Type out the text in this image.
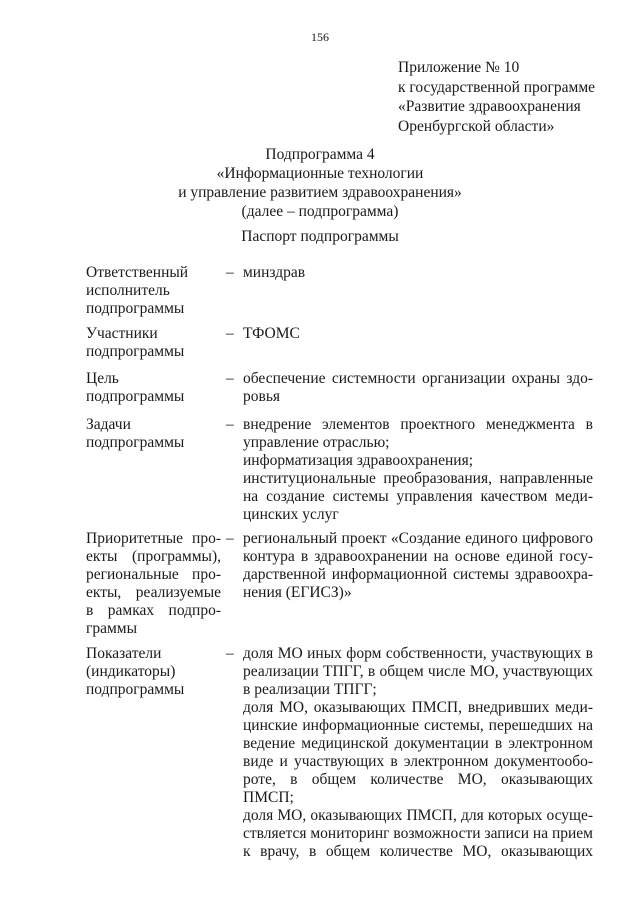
156
Приложение № 10
к государственной программе
«Развитие здравоохранения
Оренбургской области»
Подпрограмма 4
«Информационные технологии
и управление развитием здравоохранения»
(далее – подпрограмма)
Паспорт подпрограммы
Ответственный
исполнитель
подпрограммы
– минздрав
Участники
подпрограммы
– ТФОМС
Цель
подпрограммы
– обеспечение системности организации охраны здо-
ровья
Задачи
подпрограммы
– внедрение элементов проектного менеджмента в
управление отраслью;
информатизация здравоохранения;
институциональные преобразования, направленные
на создание системы управления качеством меди-
цинских услуг
Приоритетные про-
екты (программы),
региональные про-
екты, реализуемые
в рамках подпро-
граммы
– региональный проект «Создание единого цифрового
контура в здравоохранении на основе единой госу-
дарственной информационной системы здравоохра-
нения (ЕГИСЗ)»
Показатели
(индикаторы)
подпрограммы
– доля МО иных форм собственности, участвующих в
реализации ТПГГ, в общем числе МО, участвующих
в реализации ТПГГ;
доля МО, оказывающих ПМСП, внедривших меди-
цинские информационные системы, перешедших на
ведение медицинской документации в электронном
виде и участвующих в электронном документообо-
роте, в общем количестве МО, оказывающих ПМСП;
доля МО, оказывающих ПМСП, для которых осуще-
ствляется мониторинг возможности записи на прием
к врачу, в общем количестве МО, оказывающих
